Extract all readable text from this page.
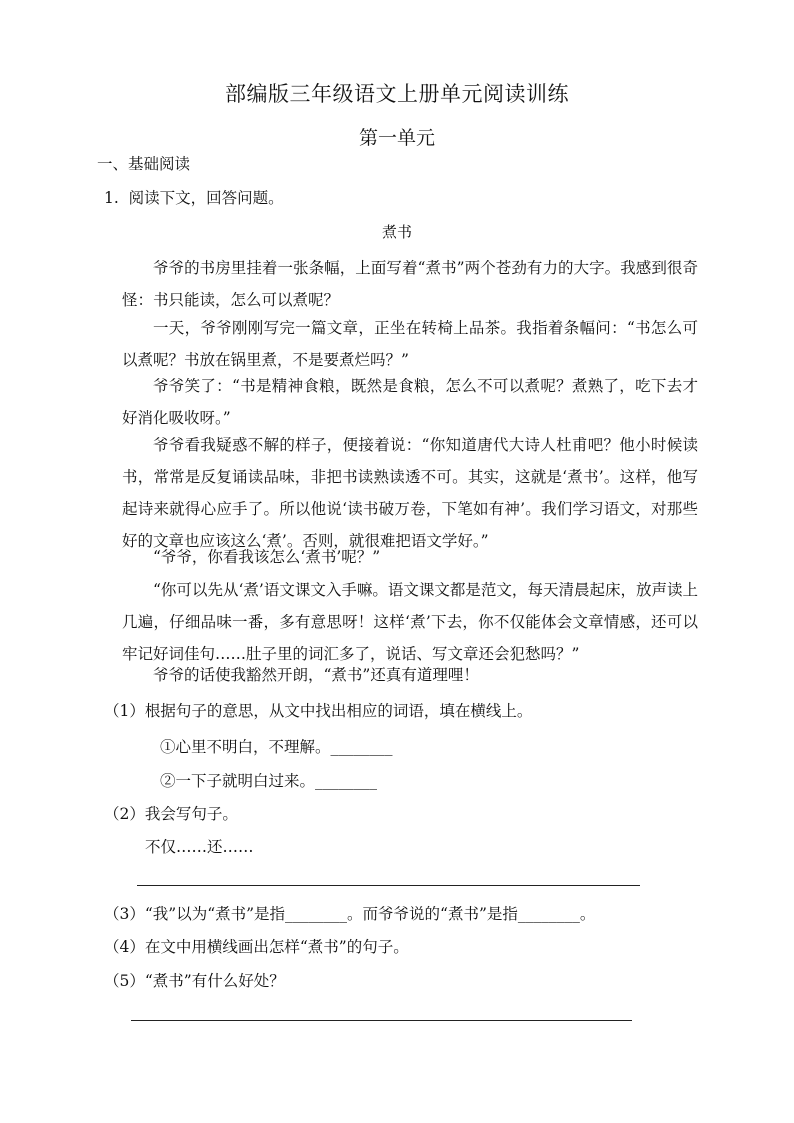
部编版三年级语文上册单元阅读训练
第一单元
一、基础阅读
1.  阅读下文，回答问题。
煮书
爷爷的书房里挂着一张条幅，上面写着“煮书”两个苍劲有力的大字。我感到很奇怪：书只能读，怎么可以煮呢？
一天，爷爷刚刚写完一篇文章，正坐在转椅上品茶。我指着条幅问：“书怎么可以煮呢？书放在锅里煮，不是要煮烂吗？”
爷爷笑了：“书是精神食粮，既然是食粮，怎么不可以煮呢？煮熟了，吃下去才好消化吸收呀。”
爷爷看我疑惑不解的样子，便接着说：“你知道唐代大诗人杜甫吧？他小时候读书，常常是反复诵读品味，非把书读熟读透不可。其实，这就是‘煮书’。这样，他写起诗来就得心应手了。所以他说‘读书破万卷，下笔如有神’。我们学习语文，对那些好的文章也应该这么‘煮’。否则，就很难把语文学好。”
“爷爷，你看我该怎么‘煮书’呢？”
“你可以先从‘煮’语文课文入手嘛。语文课文都是范文，每天清晨起床，放声读上几遍，仔细品味一番，多有意思呀！这样‘煮’下去，你不仅能体会文章情感，还可以牢记好词佳句……肚子里的词汇多了，说话、写文章还会犯愁吗？”
爷爷的话使我豁然开朗，“煮书”还真有道理哩！
（1）根据句子的意思，从文中找出相应的词语，填在横线上。
①心里不明白，不理解。________
②一下子就明白过来。________
（2）我会写句子。
不仅……还……
（3）“我”以为“煮书”是指________。而爷爷说的“煮书”是指________。
（4）在文中用横线画出怎样“煮书”的句子。
（5）“煮书”有什么好处？
